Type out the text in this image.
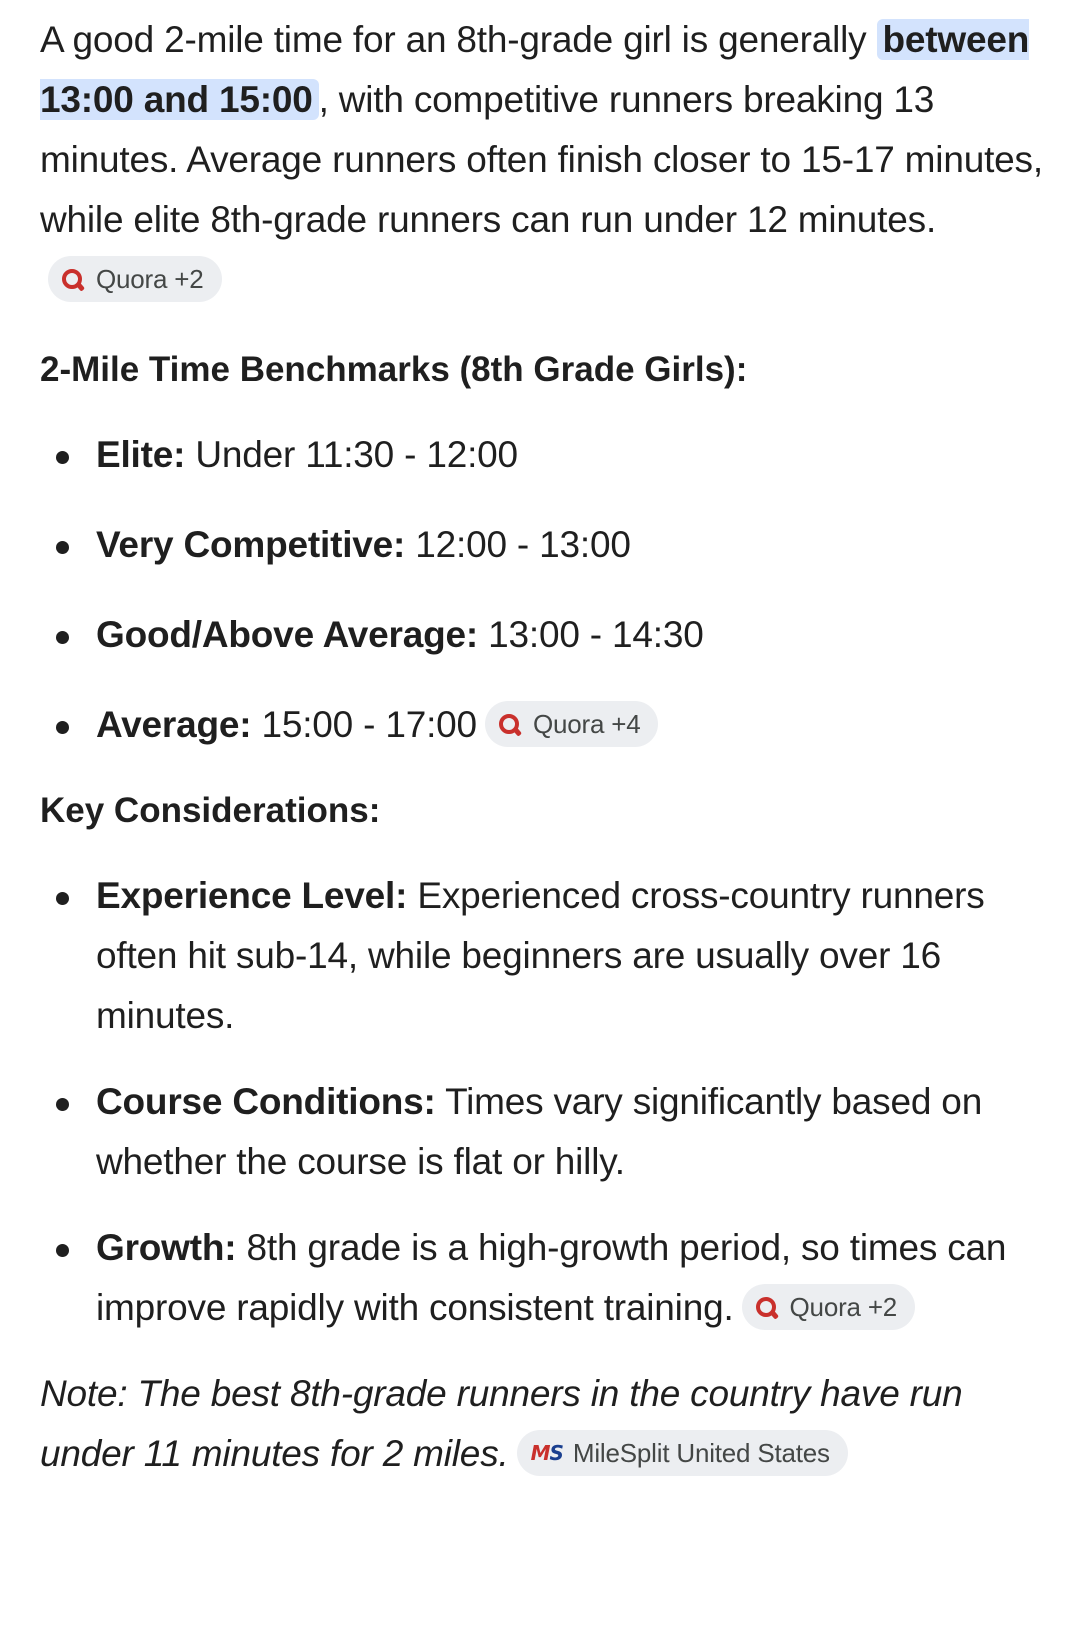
A good 2-mile time for an 8th-grade girl is generally between 13:00 and 15:00 , with competitive runners breaking 13 minutes. Average runners often finish closer to 15-17 minutes, while elite 8th-grade runners can run under 12 minutes.
Quora +2

2-Mile Time Benchmarks (8th Grade Girls):
Elite: Under 11:30 - 12:00
Very Competitive: 12:00 - 13:00
Good/Above Average: 13:00 - 14:30
Average: 15:00 - 17:00 Quora +4
Key Considerations:
Experience Level: Experienced cross-country runners often hit sub-14, while beginners are usually over 16 minutes.
Course Conditions: Times vary significantly based on whether the course is flat or hilly.
Growth: 8th grade is a high-growth period, so times can improve rapidly with consistent training. Quora +2

Note: The best 8th-grade runners in the country have run under 11 minutes for 2 miles. MS MileSplit United States
